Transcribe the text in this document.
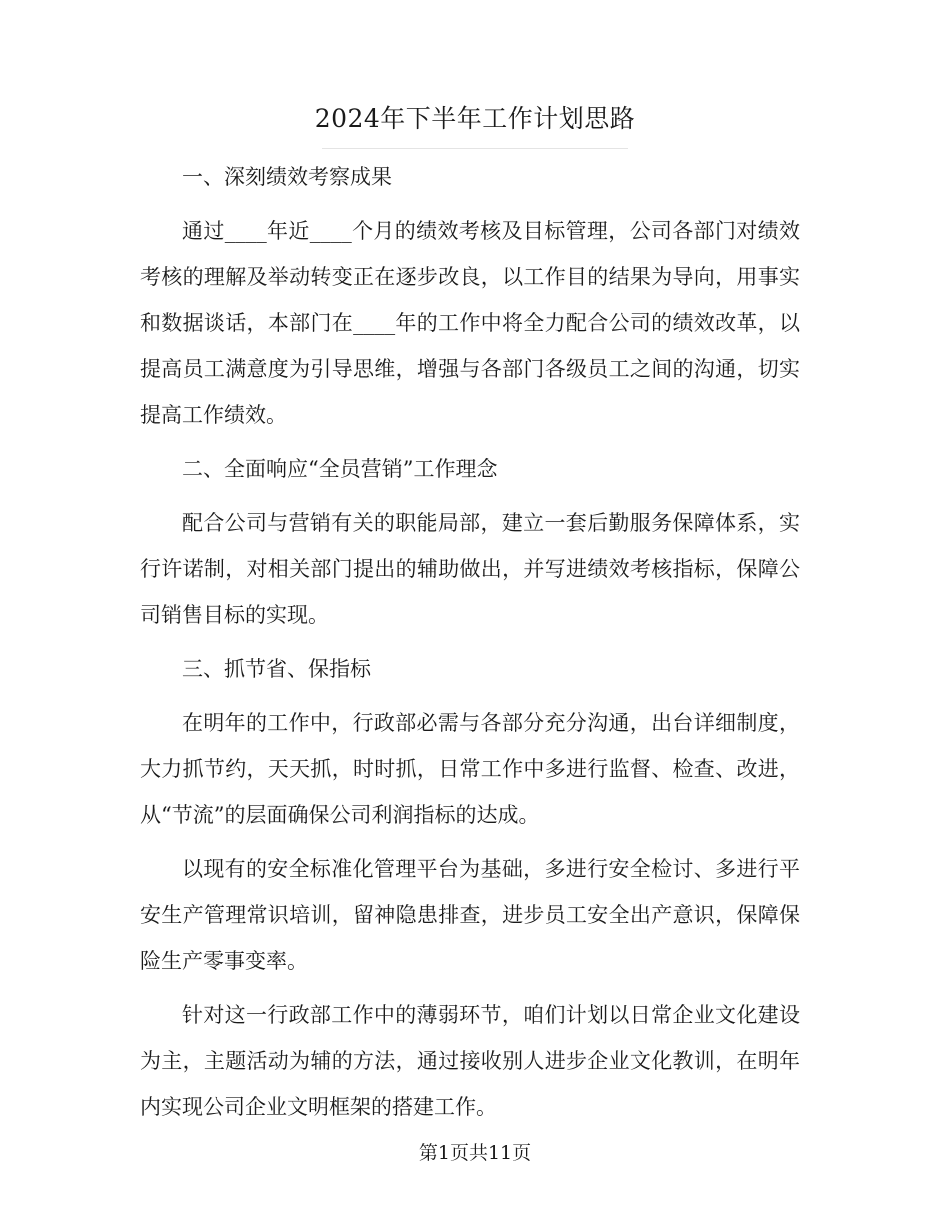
2024年下半年工作计划思路

一、深刻绩效考察成果

通过____年近____个月的绩效考核及目标管理，公司各部门对绩效考核的理解及举动转变正在逐步改良，以工作目的结果为导向，用事实和数据谈话，本部门在____年的工作中将全力配合公司的绩效改革，以提高员工满意度为引导思维，增强与各部门各级员工之间的沟通，切实提高工作绩效。

二、全面响应“全员营销”工作理念

配合公司与营销有关的职能局部，建立一套后勤服务保障体系，实行许诺制，对相关部门提出的辅助做出，并写进绩效考核指标，保障公司销售目标的实现。

三、抓节省、保指标

在明年的工作中，行政部必需与各部分充分沟通，出台详细制度，大力抓节约，天天抓，时时抓，日常工作中多进行监督、检查、改进，从“节流”的层面确保公司利润指标的达成。

以现有的安全标准化管理平台为基础，多进行安全检讨、多进行平安生产管理常识培训，留神隐患排查，进步员工安全出产意识，保障保险生产零事变率。

针对这一行政部工作中的薄弱环节，咱们计划以日常企业文化建设为主，主题活动为辅的方法，通过接收别人进步企业文化教训，在明年内实现公司企业文明框架的搭建工作。

第1页共11页
